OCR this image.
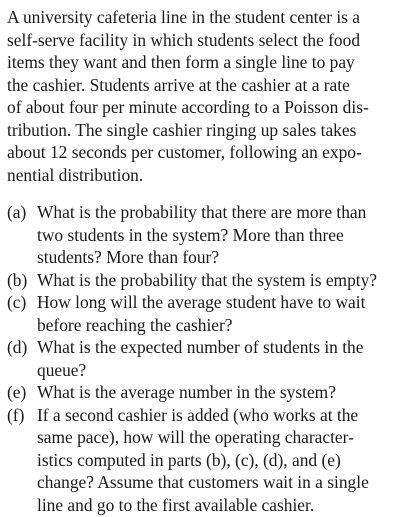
A university cafeteria line in the student center is a
self-serve facility in which students select the food
items they want and then form a single line to pay
the cashier. Students arrive at the cashier at a rate
of about four per minute according to a Poisson dis-
tribution. The single cashier ringing up sales takes
about 12 seconds per customer, following an expo-
nential distribution.

(a) What is the probability that there are more than
two students in the system? More than three
students? More than four?
(b) What is the probability that the system is empty?
(c) How long will the average student have to wait
before reaching the cashier?
(d) What is the expected number of students in the
queue?
(e) What is the average number in the system?
(f) If a second cashier is added (who works at the
same pace), how will the operating character-
istics computed in parts (b), (c), (d), and (e)
change? Assume that customers wait in a single
line and go to the first available cashier.
